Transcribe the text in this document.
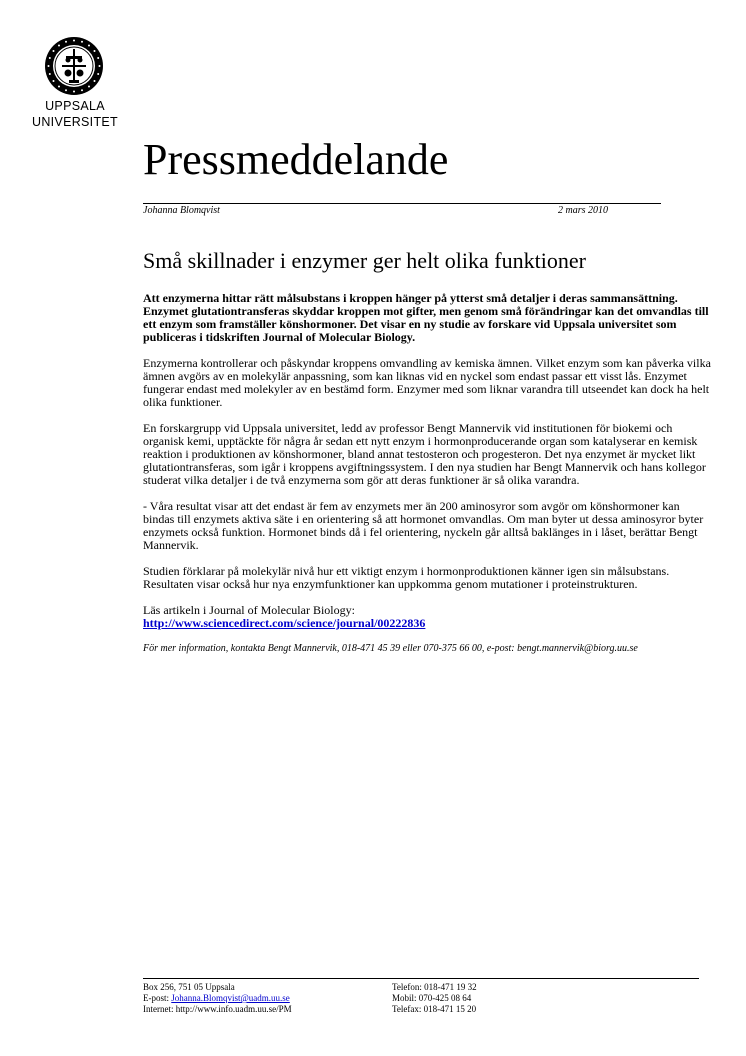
UPPSALA
UNIVERSITET
Pressmeddelande
Johanna Blomqvist	2 mars 2010
Små skillnader i enzymer ger helt olika funktioner

Att enzymerna hittar rätt målsubstans i kroppen hänger på ytterst små detaljer i deras sammansättning. Enzymet glutationtransferas skyddar kroppen mot gifter, men genom små förändringar kan det omvandlas till ett enzym som framställer könshormoner. Det visar en ny studie av forskare vid Uppsala universitet som publiceras i tidskriften Journal of Molecular Biology.

Enzymerna kontrollerar och påskyndar kroppens omvandling av kemiska ämnen. Vilket enzym som kan påverka vilka ämnen avgörs av en molekylär anpassning, som kan liknas vid en nyckel som endast passar ett visst lås. Enzymet fungerar endast med molekyler av en bestämd form. Enzymer med som liknar varandra till utseendet kan dock ha helt olika funktioner.

En forskargrupp vid Uppsala universitet, ledd av professor Bengt Mannervik vid institutionen för biokemi och organisk kemi, upptäckte för några år sedan ett nytt enzym i hormonproducerande organ som katalyserar en kemisk reaktion i produktionen av könshormoner, bland annat testosteron och progesteron. Det nya enzymet är mycket likt glutationtransferas, som igår i kroppens avgiftningssystem. I den nya studien har Bengt Mannervik och hans kollegor studerat vilka detaljer i de två enzymerna som gör att deras funktioner är så olika varandra.

- Våra resultat visar att det endast är fem av enzymets mer än 200 aminosyror som avgör om könshormoner kan bindas till enzymets aktiva säte i en orientering så att hormonet omvandlas. Om man byter ut dessa aminosyror byter enzymets också funktion. Hormonet binds då i fel orientering, nyckeln går alltså baklänges in i låset, berättar Bengt Mannervik.

Studien förklarar på molekylär nivå hur ett viktigt enzym i hormonproduktionen känner igen sin målsubstans. Resultaten visar också hur nya enzymfunktioner kan uppkomma genom mutationer i proteinstrukturen.

Läs artikeln i Journal of Molecular Biology:
http://www.sciencedirect.com/science/journal/00222836

För mer information, kontakta Bengt Mannervik, 018-471 45 39 eller 070-375 66 00, e-post: bengt.mannervik@biorg.uu.se

Box 256, 751 05 Uppsala
E-post: Johanna.Blomqvist@uadm.uu.se
Internet: http://www.info.uadm.uu.se/PM
Telefon: 018-471 19 32
Mobil: 070-425 08 64
Telefax: 018-471 15 20
